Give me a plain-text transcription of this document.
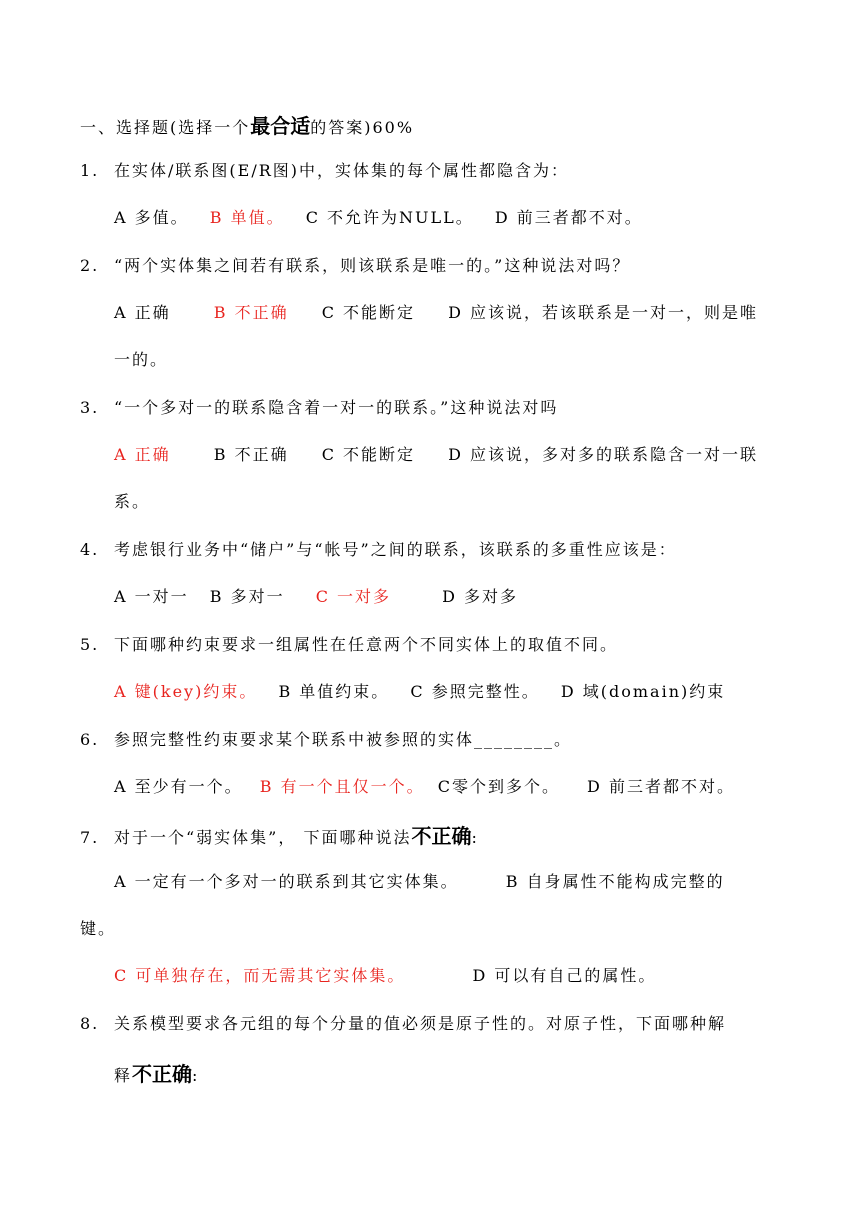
一、选择题(选择一个最合适的答案)60%
1. 在实体/联系图(E/R图)中，实体集的每个属性都隐含为：
A 多值。 B 单值。 C 不允许为NULL。 D 前三者都不对。
2. “两个实体集之间若有联系，则该联系是唯一的。”这种说法对吗？
A 正确	B 不正确 C 不能断定 D 应该说，若该联系是一对一，则是唯
一的。
3. “一个多对一的联系隐含着一对一的联系。”这种说法对吗
A 正确	B 不正确 C 不能断定 D 应该说，多对多的联系隐含一对一联
系。
4. 考虑银行业务中“储户”与“帐号”之间的联系，该联系的多重性应该是：
A 一对一 B 多对一 C 一对多	D 多对多
5. 下面哪种约束要求一组属性在任意两个不同实体上的取值不同。
A 键(key)约束。 B 单值约束。 C 参照完整性。 D 域(domain)约束
6. 参照完整性约束要求某个联系中被参照的实体________。
A 至少有一个。 B 有一个且仅一个。 C零个到多个。 D 前三者都不对。
7. 对于一个“弱实体集”， 下面哪种说法不正确:
A 一定有一个多对一的联系到其它实体集。	B 自身属性不能构成完整的
键。
C 可单独存在，而无需其它实体集。	D 可以有自己的属性。
8. 关系模型要求各元组的每个分量的值必须是原子性的。对原子性，下面哪种解
释不正确:
